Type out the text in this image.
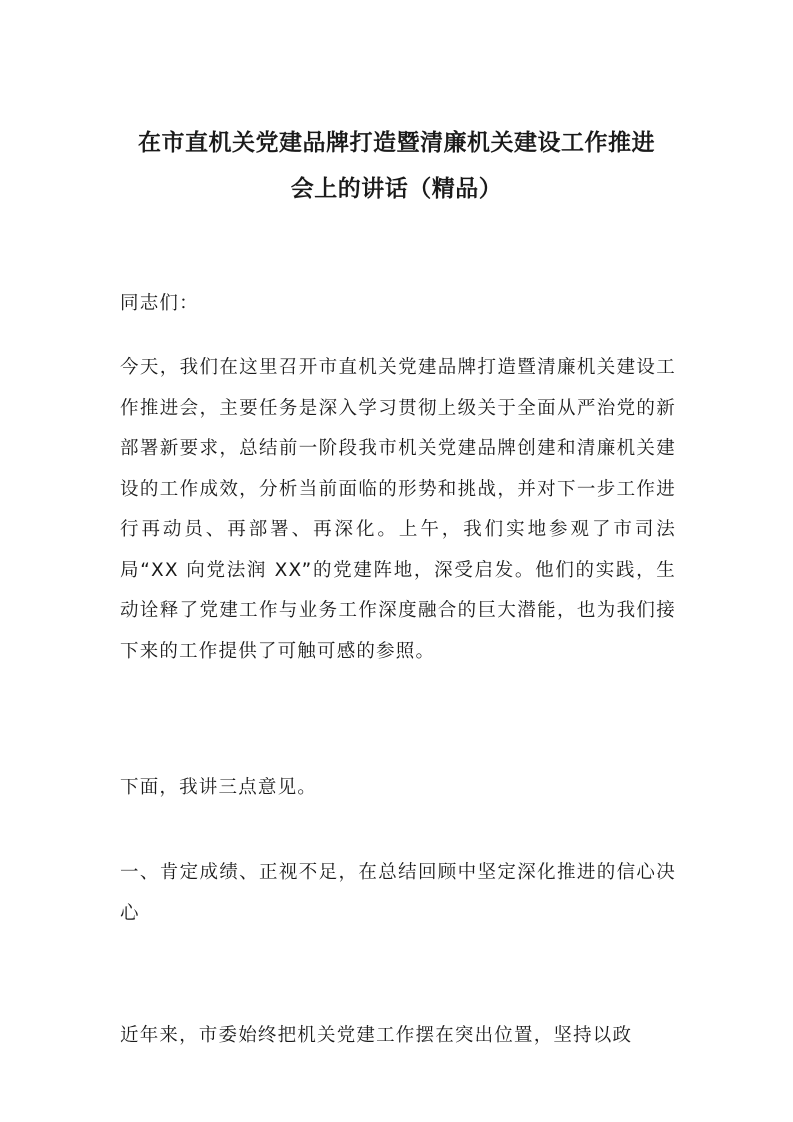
在市直机关党建品牌打造暨清廉机关建设工作推进
会上的讲话（精品）

同志们：

今天，我们在这里召开市直机关党建品牌打造暨清廉机关建设工作推进会，主要任务是深入学习贯彻上级关于全面从严治党的新部署新要求，总结前一阶段我市机关党建品牌创建和清廉机关建设的工作成效，分析当前面临的形势和挑战，并对下一步工作进行再动员、再部署、再深化。上午，我们实地参观了市司法局“XX 向党法润 XX”的党建阵地，深受启发。他们的实践，生动诠释了党建工作与业务工作深度融合的巨大潜能，也为我们接下来的工作提供了可触可感的参照。

下面，我讲三点意见。

一、肯定成绩、正视不足，在总结回顾中坚定深化推进的信心决心

近年来，市委始终把机关党建工作摆在突出位置，坚持以政
